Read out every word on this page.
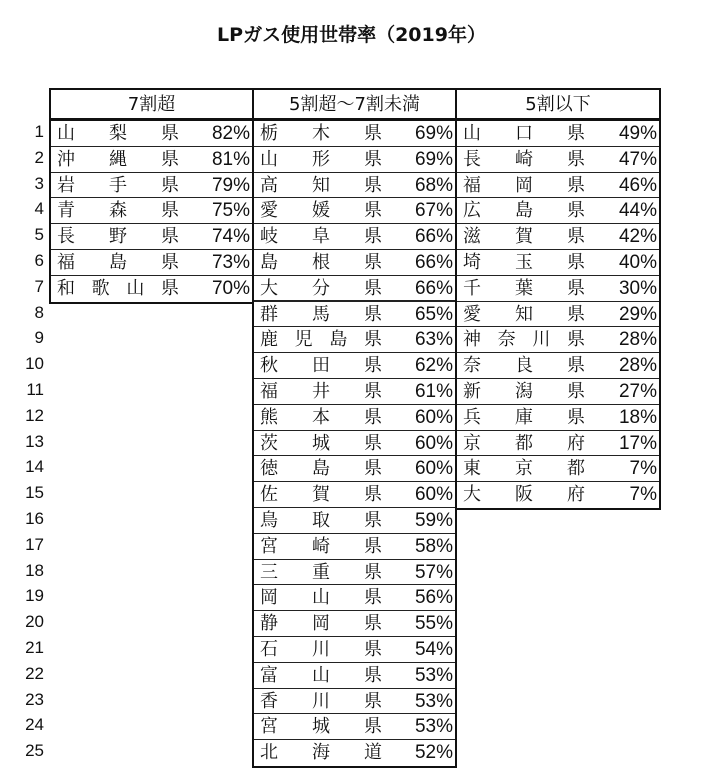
LPガス使用世帯率（2019年）
1
2
3
4
5
6
7
8
9
10
11
12
13
14
15
16
17
18
19
20
21
22
23
24
25
7割超
山梨県 82%
沖縄県 81%
岩手県 79%
青森県 75%
長野県 74%
福島県 73%
和歌山県 70%
5割超～7割未満
栃木県 69%
山形県 69%
高知県 68%
愛媛県 67%
岐阜県 66%
島根県 66%
大分県 66%
群馬県 65%
鹿児島県 63%
秋田県 62%
福井県 61%
熊本県 60%
茨城県 60%
徳島県 60%
佐賀県 60%
鳥取県 59%
宮崎県 58%
三重県 57%
岡山県 56%
静岡県 55%
石川県 54%
富山県 53%
香川県 53%
宮城県 53%
北海道 52%
5割以下
山口県 49%
長崎県 47%
福岡県 46%
広島県 44%
滋賀県 42%
埼玉県 40%
千葉県 30%
愛知県 29%
神奈川県 28%
奈良県 28%
新潟県 27%
兵庫県 18%
京都府 17%
東京都 7%
大阪府 7%
